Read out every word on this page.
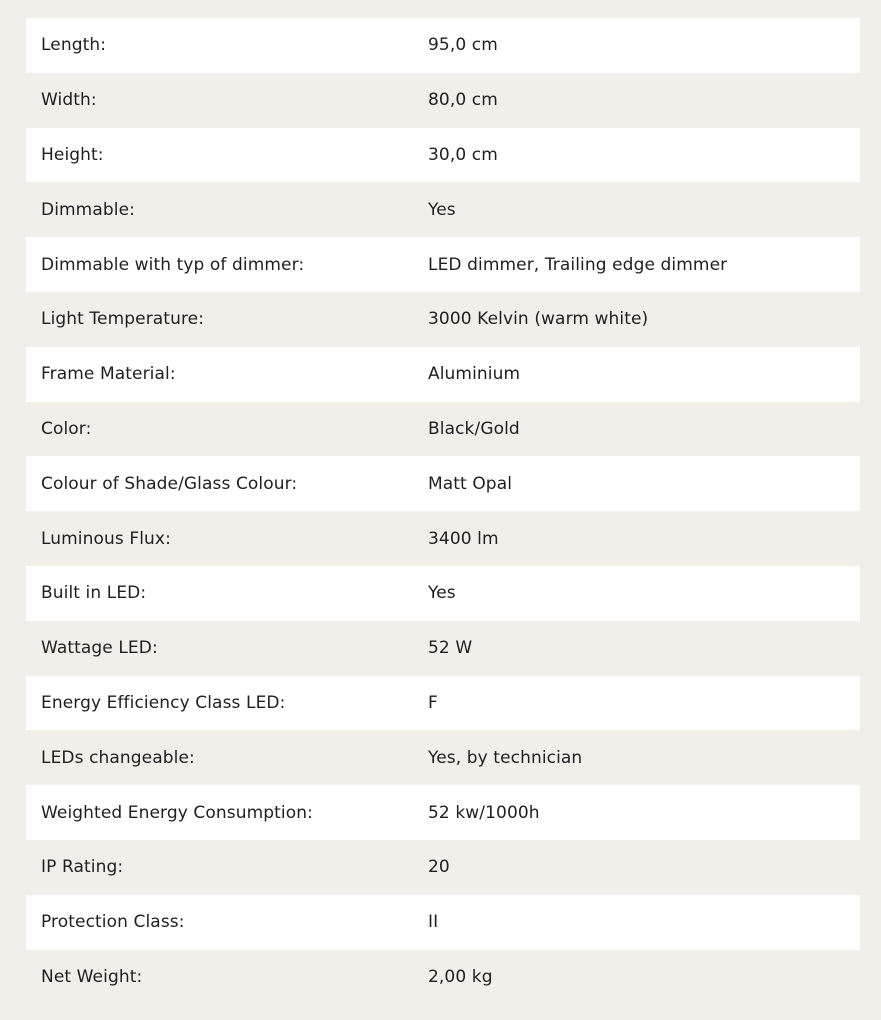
Length:	95,0 cm
Width:	80,0 cm
Height:	30,0 cm
Dimmable:	Yes
Dimmable with typ of dimmer:	LED dimmer, Trailing edge dimmer
Light Temperature:	3000 Kelvin (warm white)
Frame Material:	Aluminium
Color:	Black/Gold
Colour of Shade/Glass Colour:	Matt Opal
Luminous Flux:	3400 lm
Built in LED:	Yes
Wattage LED:	52 W
Energy Efficiency Class LED:	F
LEDs changeable:	Yes, by technician
Weighted Energy Consumption:	52 kw/1000h
IP Rating:	20
Protection Class:	II
Net Weight:	2,00 kg
